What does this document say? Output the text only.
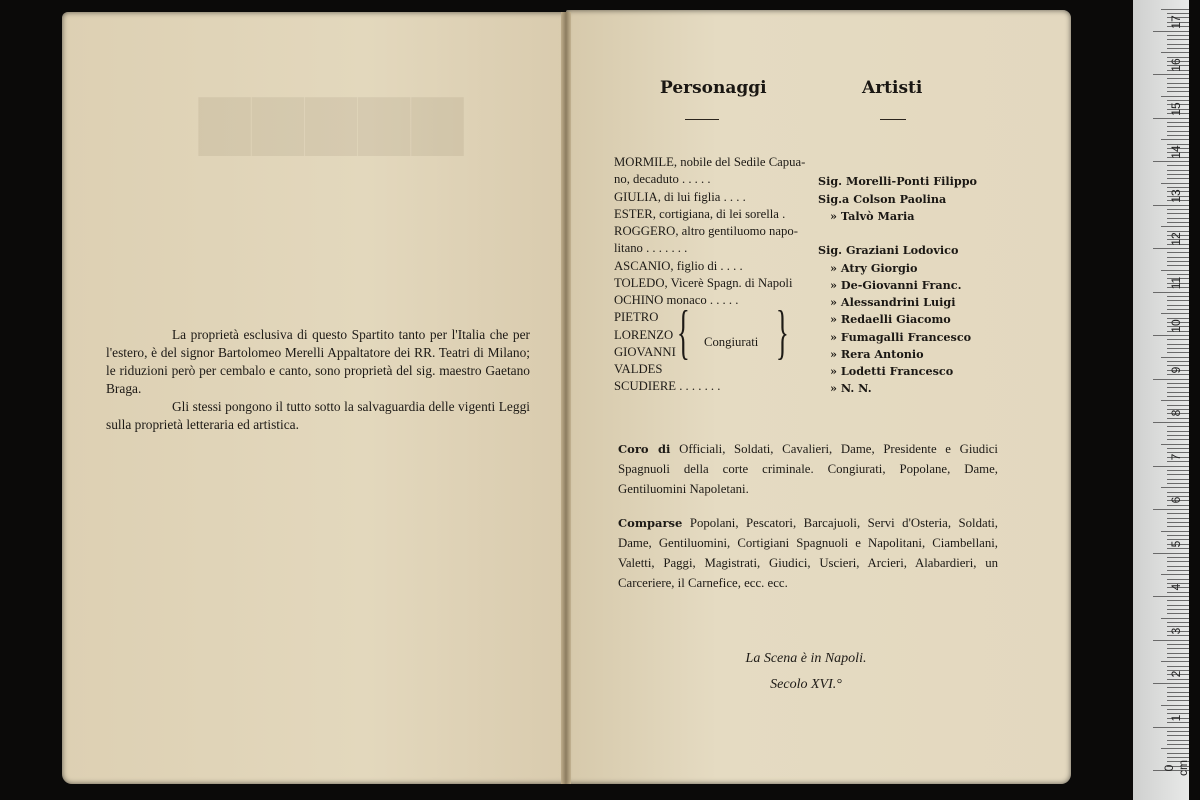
▆▆▆▆▆

La proprietà esclusiva di questo Spartito tanto per l'Italia che per l'estero, è del signor Bartolomeo Merelli Appaltatore dei RR. Teatri di Milano; le riduzioni però per cembalo e canto, sono proprietà del sig. maestro Gaetano Braga.

Gli stessi pongono il tutto sotto la salvaguardia delle vigenti Leggi sulla proprietà letteraria ed artistica.

Personaggi	Artisti
MORMILE, nobile del Sedile Capua-
no, decaduto . . . . .	Sig. Morelli-Ponti Filippo
GIULIA, di lui figlia . . . .	Sig.a Colson Paolina
ESTER, cortigiana, di lei sorella .	» Talvò Maria
ROGGERO, altro gentiluomo napo-
litano . . . . . . .	Sig. Graziani Lodovico
ASCANIO, figlio di . . . .	» Atry Giorgio
TOLEDO, Vicerè Spagn. di Napoli	» De-Giovanni Franc.
OCHINO monaco . . . . .	» Alessandrini Luigi
PIETRO	» Redaelli Giacomo
LORENZO	» Fumagalli Francesco
GIOVANNI	» Rera Antonio
VALDES	» Lodetti Francesco
SCUDIERE . . . . . . .	» N. N.
{ Congiurati }
Coro di Officiali, Soldati, Cavalieri, Dame, Presidente e Giudici Spagnuoli della corte criminale. Congiurati, Popolane, Dame, Gentiluomini Napoletani.
Comparse Popolani, Pescatori, Barcajuoli, Servi d'Osteria, Soldati, Dame, Gentiluomini, Cortigiani Spagnuoli e Napolitani, Ciambellani, Valetti, Paggi, Magistrati, Giudici, Uscieri, Arcieri, Alabardieri, un Carceriere, il Carnefice, ecc. ecc.
La Scena è in Napoli.
Secolo XVI.°
0 cm
1
2
3
4
5
6
7
8
9
10
11
12
13
14
15
16
17
